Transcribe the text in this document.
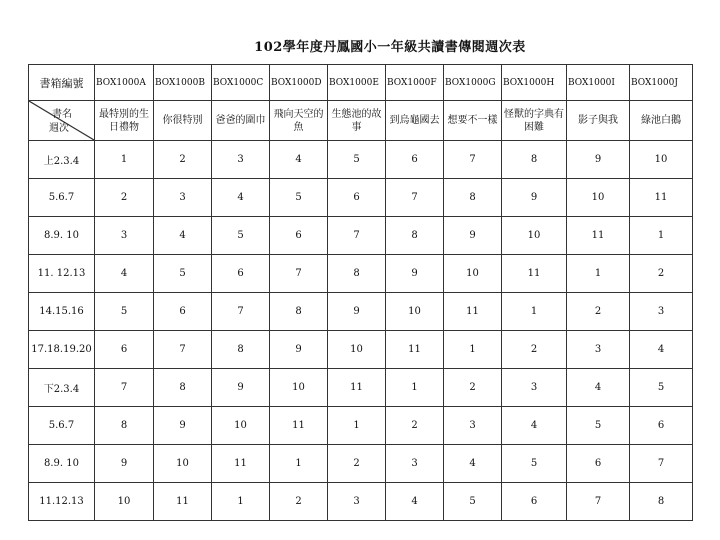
102學年度丹鳳國小一年級共讀書傳閱週次表
書箱編號	BOX1000A	BOX1000B	BOX1000C	BOX1000D	BOX1000E	BOX1000F	BOX1000G	BOX1000H	BOX1000I	BOX1000J

書名
週次	最特別的生日禮物	你很特別	爸爸的圍巾	飛向天空的魚	生態池的故事	到烏龜國去	想要不一樣	怪獸的字典有困難	影子與我	綠池白鵝
上2.3.4	1	2	3	4	5	6	7	8	9	10
5.6.7	2	3	4	5	6	7	8	9	10	11
8.9. 10	3	4	5	6	7	8	9	10	11	1
11. 12.13	4	5	6	7	8	9	10	11	1	2
14.15.16	5	6	7	8	9	10	11	1	2	3
17.18.19.20	6	7	8	9	10	11	1	2	3	4
下2.3.4	7	8	9	10	11	1	2	3	4	5
5.6.7	8	9	10	11	1	2	3	4	5	6
8.9. 10	9	10	11	1	2	3	4	5	6	7
11.12.13	10	11	1	2	3	4	5	6	7	8
